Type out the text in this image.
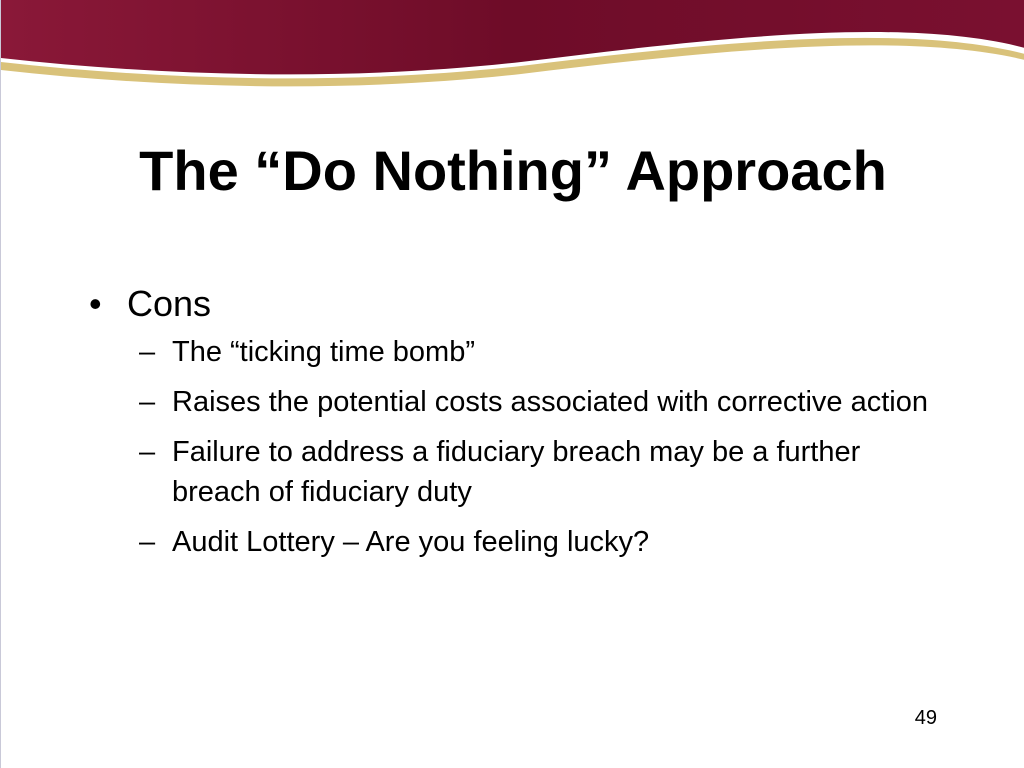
The “Do Nothing” Approach
• Cons
– The “ticking time bomb”
– Raises the potential costs associated with corrective action
– Failure to address a fiduciary breach may be a further breach of fiduciary duty
– Audit Lottery – Are you feeling lucky?
49
